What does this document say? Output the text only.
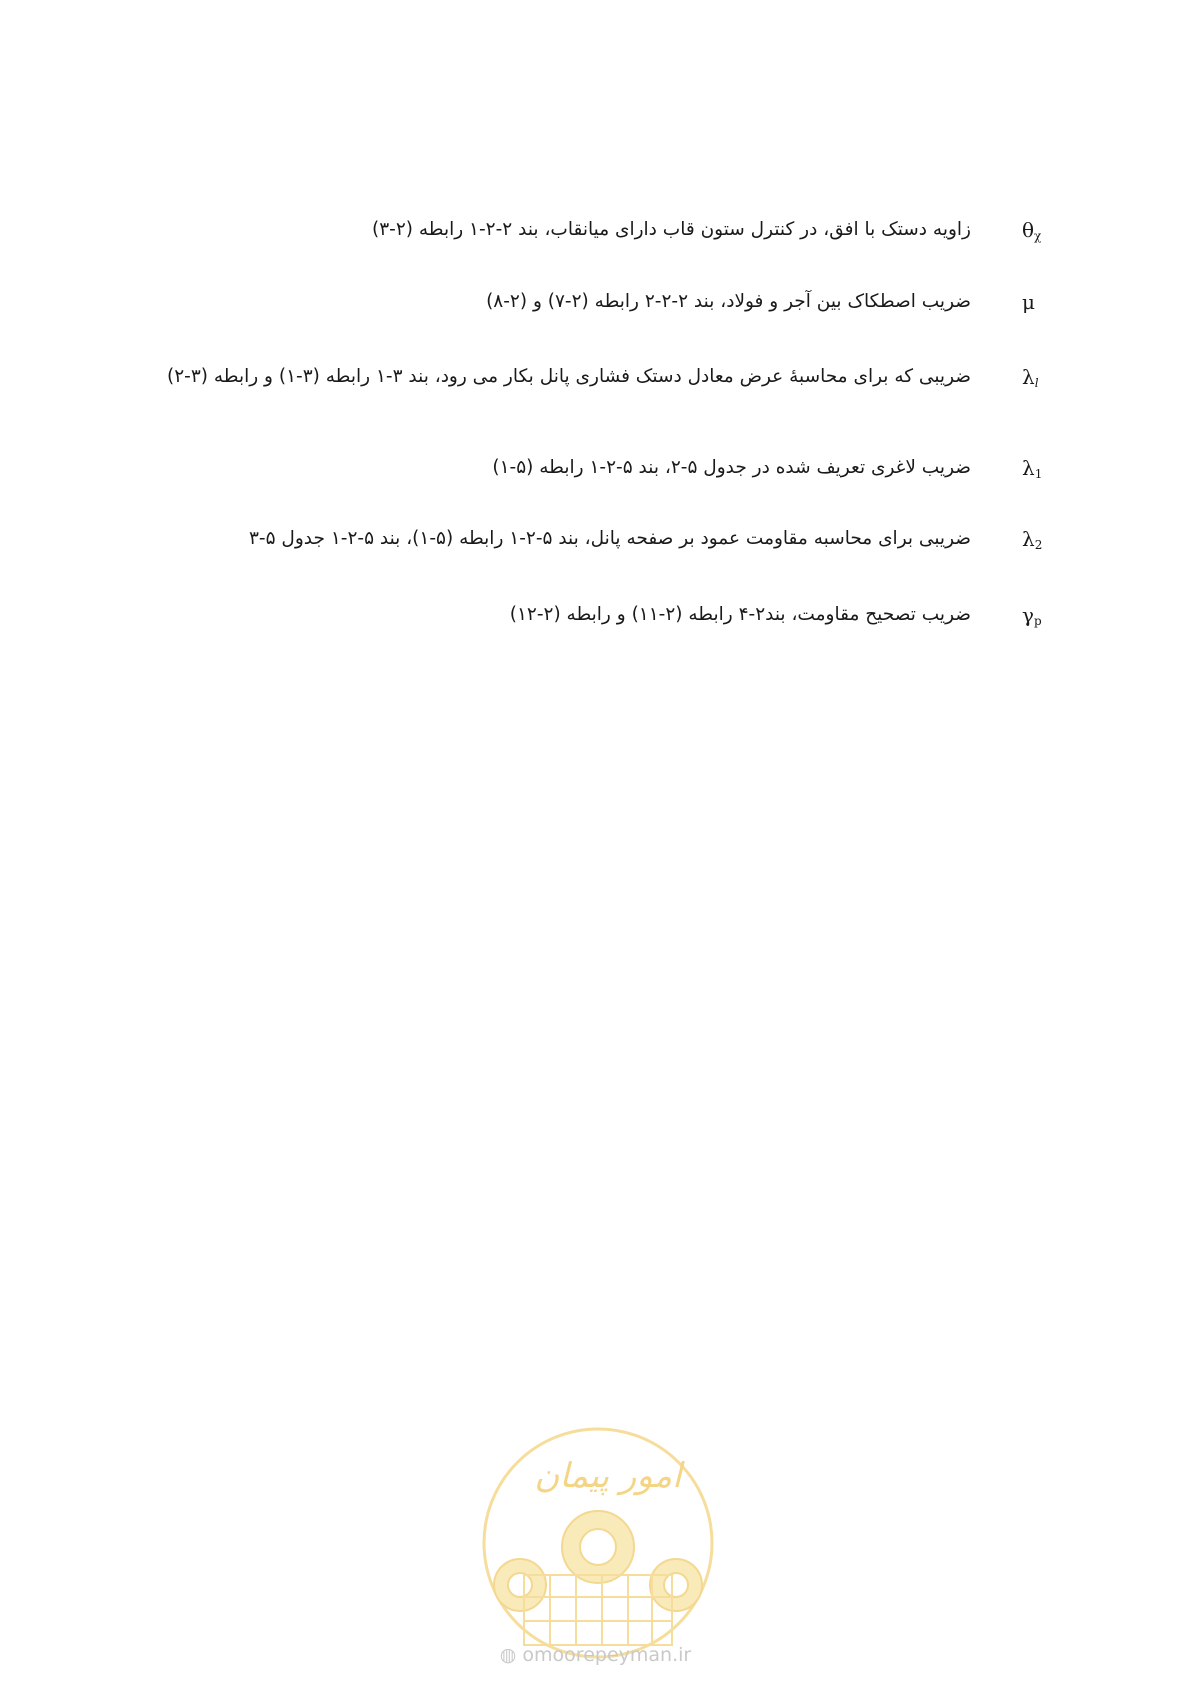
$\theta_\chi$
زاویه دستک با افق، در کنترل ستون قاب دارای میانقاب، بند ۲-۲-۱ رابطه (۲-۳)
μ
ضریب اصطکاک بین آجر و فولاد، بند ۲-۲-۲ رابطه (۲-۷) و (۲-۸)
$\lambda_l$
ضریبی که برای محاسبهٔ عرض معادل دستک فشاری پانل بکار می رود، بند ۳-۱ رابطه (۳-۱) و رابطه (۳-۲)
$\lambda_1$
ضریب لاغری تعریف شده در جدول ۵-۲، بند ۵-۲-۱ رابطه (۵-۱)
$\lambda_2$
ضریبی برای محاسبه مقاومت عمود بر صفحه پانل، بند ۵-۲-۱ رابطه (۵-۱)، بند ۵-۲-۱ جدول ۵-۳
$\gamma_p$
ضریب تصحیح مقاومت، بند۲-۴ رابطه (۲-۱۱) و رابطه (۲-۱۲)
امور پیمان
◍ omoorepeyman.ir
